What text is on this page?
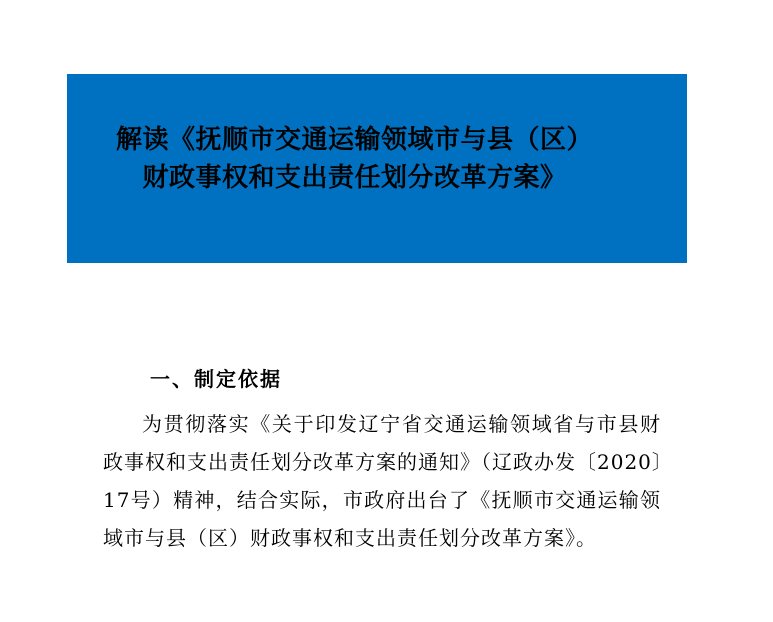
解读《抚顺市交通运输领域市与县（区）
财政事权和支出责任划分改革方案》
一、制定依据
为贯彻落实《关于印发辽宁省交通运输领域省与市县财
政事权和支出责任划分改革方案的通知》（辽政办发〔2020〕
17号）精神，结合实际，市政府出台了《抚顺市交通运输领
域市与县（区）财政事权和支出责任划分改革方案》。
